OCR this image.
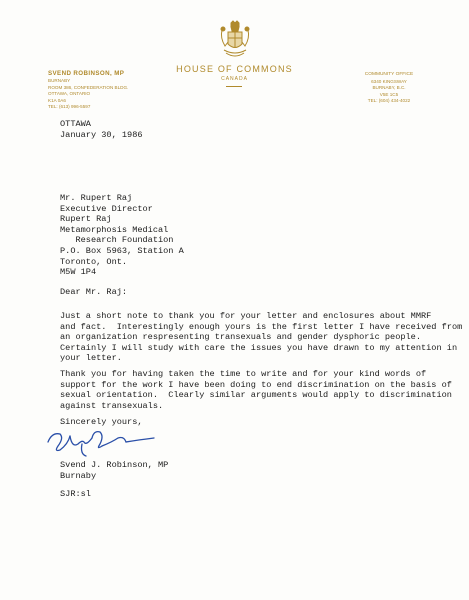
HOUSE OF COMMONS
CANADA
SVEND ROBINSON, MP
BURNABY
ROOM 386, CONFEDERATION BLDG.
OTTAWA, ONTARIO
K1A 0A6
TEL: (613) 996-5597
COMMUNITY OFFICE
6340 KINGSWAY
BURNABY, B.C.
V5E 1C5
TEL: (604) 434-4022
OTTAWA
January 30, 1986
Mr. Rupert Raj
Executive Director
Rupert Raj
Metamorphosis Medical
Research Foundation
P.O. Box 5963, Station A
Toronto, Ont.
M5W 1P4
Dear Mr. Raj:
Just a short note to thank you for your letter and enclosures about MMRF
and fact.  Interestingly enough yours is the first letter I have received from
an organization respresenting transexuals and gender dysphoric people.
Certainly I will study with care the issues you have drawn to my attention in
your letter.
Thank you for having taken the time to write and for your kind words of
support for the work I have been doing to end discrimination on the basis of
sexual orientation.  Clearly similar arguments would apply to discrimination
against transexuals.
Sincerely yours,
Svend J. Robinson, MP
Burnaby
SJR:sl
